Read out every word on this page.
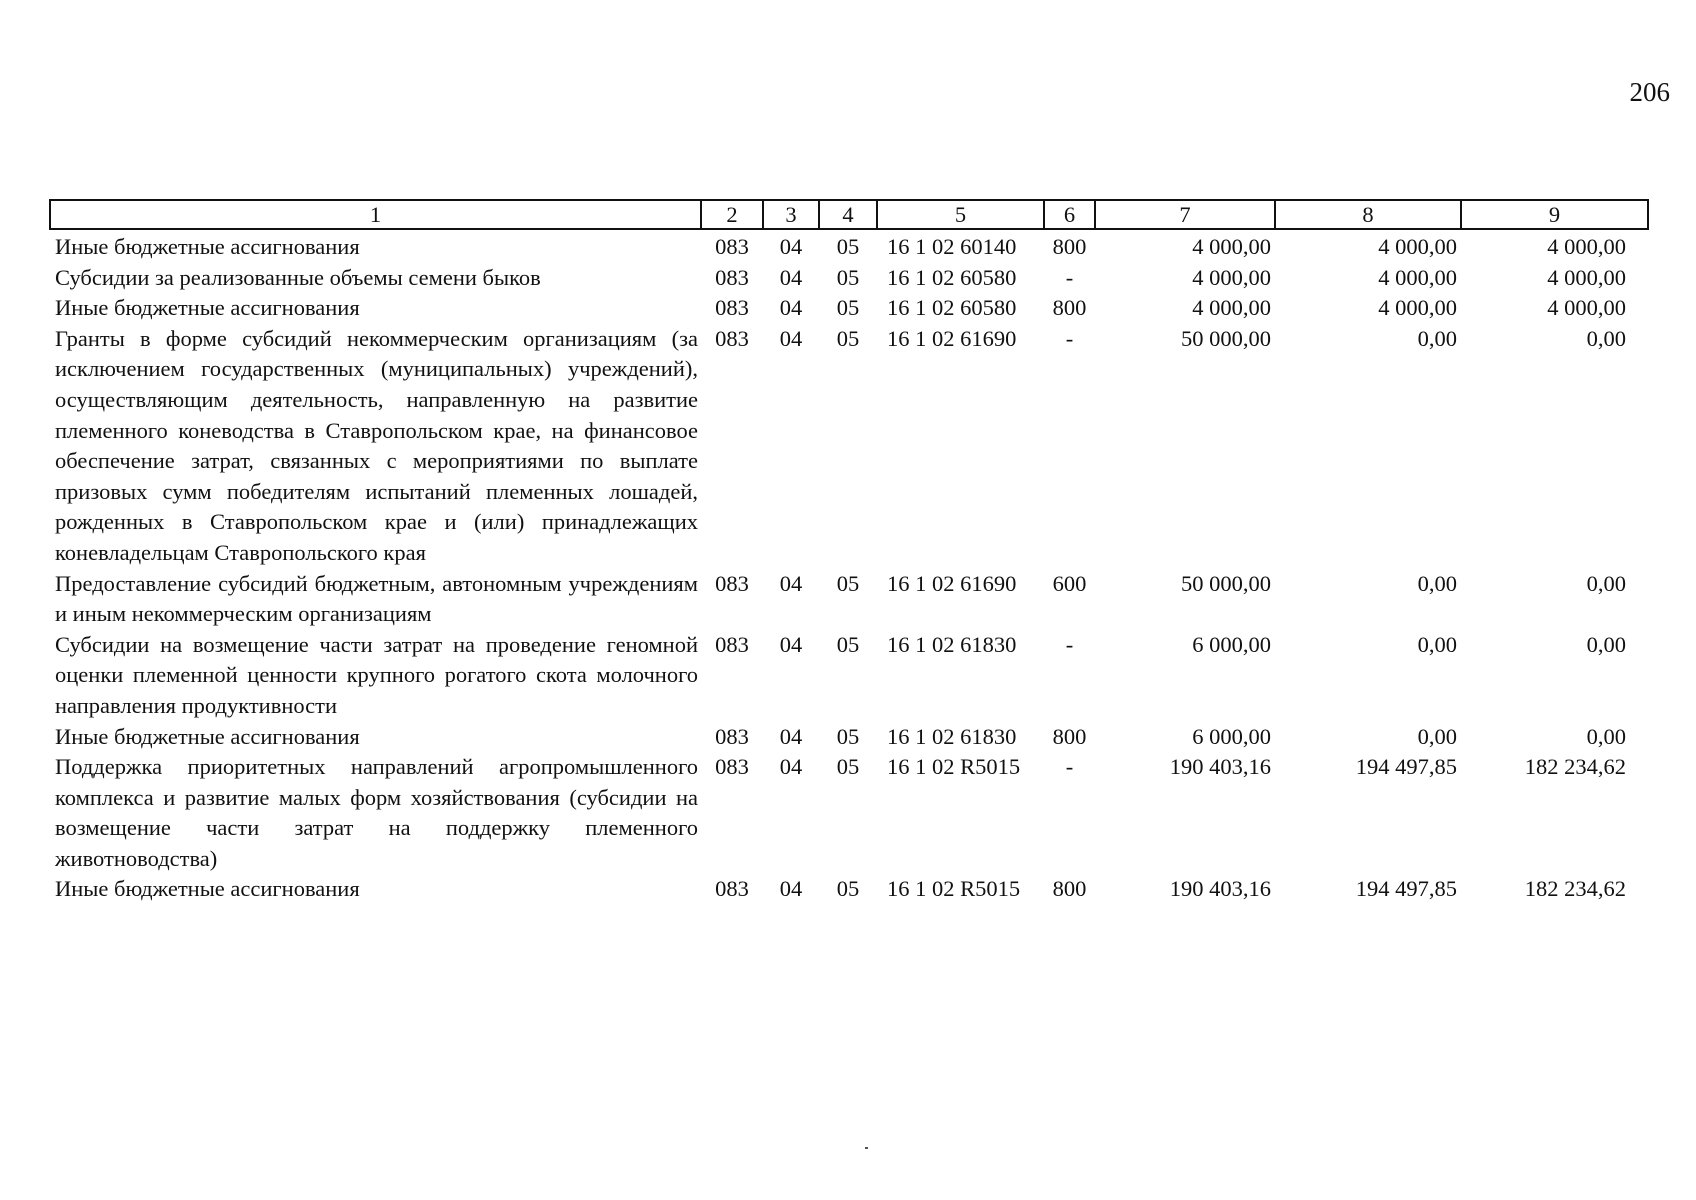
206
1	2	3	4	5	6	7	8	9
Иные бюджетные ассигнования	083	04	05	16 1 02 60140	800	4 000,00	4 000,00	4 000,00
Субсидии за реализованные объемы семени быков	083	04	05	16 1 02 60580	-	4 000,00	4 000,00	4 000,00
Иные бюджетные ассигнования	083	04	05	16 1 02 60580	800	4 000,00	4 000,00	4 000,00
Гранты в форме субсидий некоммерческим организациям (за исключением государственных (муниципальных) учреждений), осуществляющим деятельность, направленную на развитие племенного коневодства в Ставропольском крае, на финансовое обеспечение затрат, связанных с мероприятиями по выплате призовых сумм победителям испытаний племенных лошадей, рожденных в Ставропольском крае и (или) принадлежащих коневладельцам Ставропольского края	083	04	05	16 1 02 61690	-	50 000,00	0,00	0,00
Предоставление субсидий бюджетным, автономным учреждениям и иным некоммерческим организациям	083	04	05	16 1 02 61690	600	50 000,00	0,00	0,00
Субсидии на возмещение части затрат на проведение геномной оценки племенной ценности крупного рогатого скота молочного направления продуктивности	083	04	05	16 1 02 61830	-	6 000,00	0,00	0,00
Иные бюджетные ассигнования	083	04	05	16 1 02 61830	800	6 000,00	0,00	0,00
Поддержка приоритетных направлений агропромышленного комплекса и развитие малых форм хозяйствования (субсидии на возмещение части затрат на поддержку племенного животноводства)	083	04	05	16 1 02 R5015	-	190 403,16	194 497,85	182 234,62
Иные бюджетные ассигнования	083	04	05	16 1 02 R5015	800	190 403,16	194 497,85	182 234,62
